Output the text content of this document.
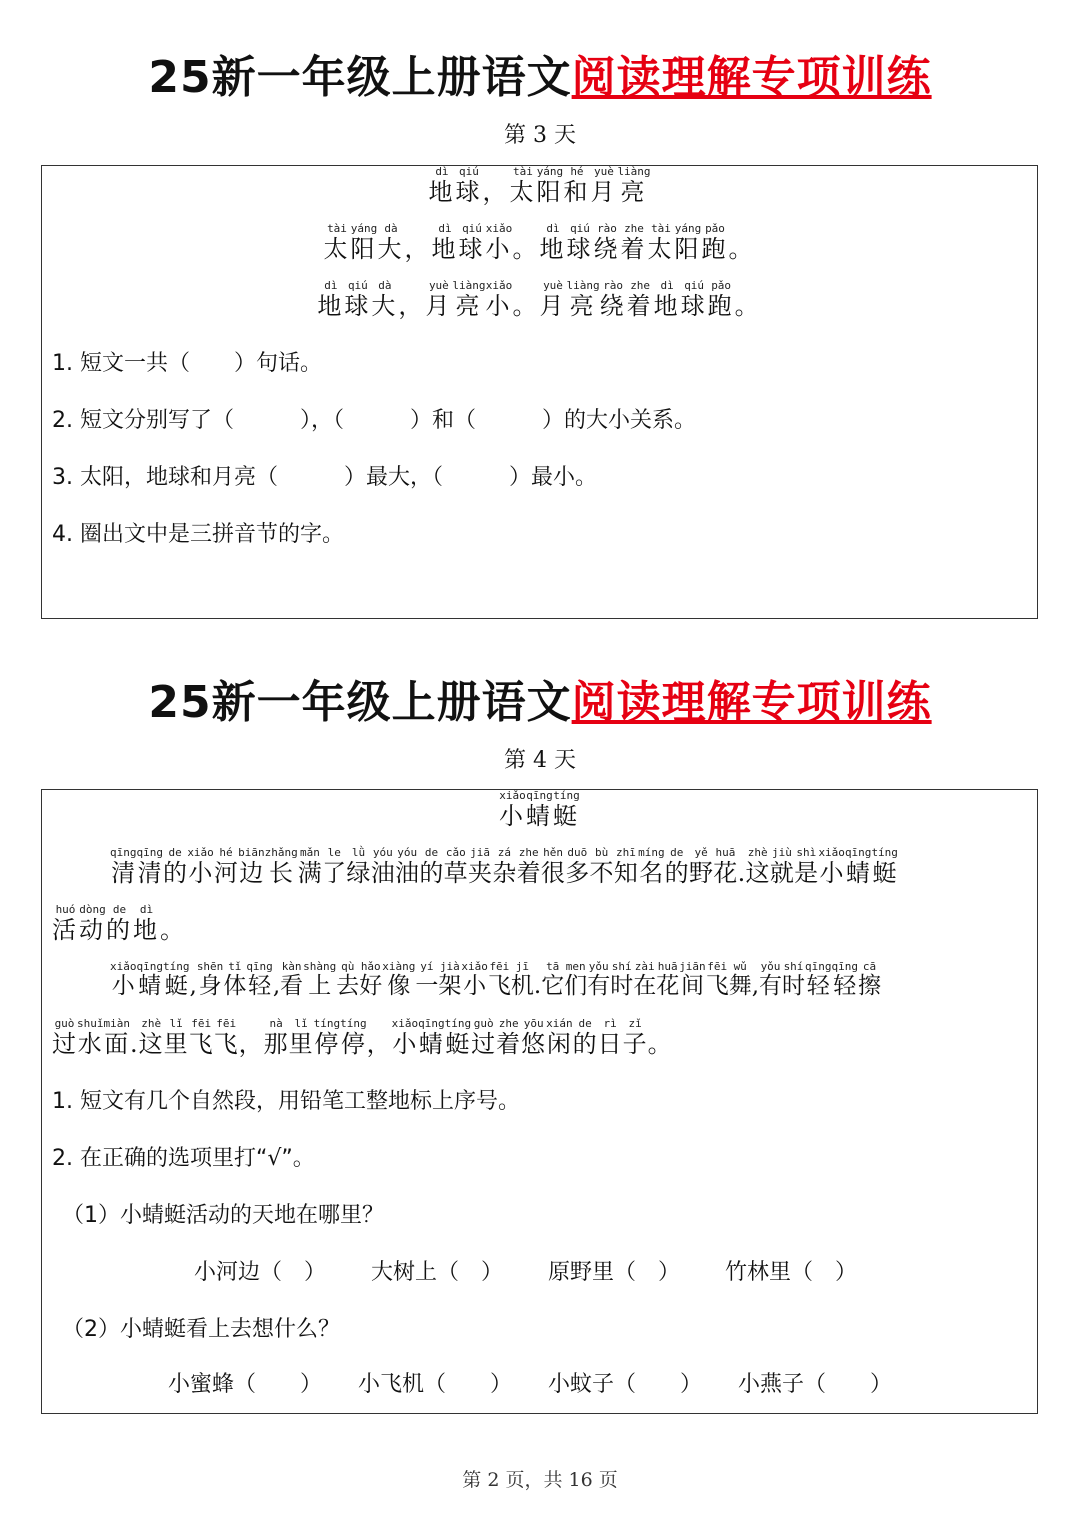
25新一年级上册语文阅读理解专项训练
第 3 天
地dì球qiú， 太tài阳yáng和hé月yuè亮liàng
太tài阳yáng大dà， 地dì球qiú小xiǎo。 地dì球qiú绕rào着zhe太tài阳yáng跑pǎo。
地dì球qiú大dà， 月yuè亮liàng小xiǎo。 月yuè亮liàng绕rào着zhe地dì球qiú跑pǎo。
1. 短文一共（　　）句话。
2. 短文分别写了（　　　），（　　　）和（　　　）的大小关系。
3. 太阳，地球和月亮（　　　）最大，（　　　）最小。
4. 圈出文中是三拼音节的字。
25新一年级上册语文阅读理解专项训练
第 4 天
小xiǎo蜻qīng蜓tíng
清qīng清qīng的de小xiǎo河hé边biān长zhǎng满mǎn了le绿lǜ油yóu油yóu的de草cǎo夹jiā杂zá着zhe很hěn多duō不bù知zhī名míng的de野yě花huā. 这zhè就jiù是shì小xiǎo蜻qīng蜓tíng
活huó动dòng的de地dì。
小xiǎo蜻qīng蜓tíng, 身shēn体tǐ轻qīng, 看kàn上shàng去qù好hǎo像xiàng一yí架jià小xiǎo飞fēi机jī. 它tā们men有yǒu时shí在zài花huā间jiān飞fēi舞wǔ, 有yǒu时shí轻qīng轻qīng擦cā
过guò水shuǐ面miàn. 这zhè里lǐ飞fēi飞fēi， 那nà里lǐ停tíng停tíng， 小xiǎo蜻qīng蜓tíng过guò着zhe悠yōu闲xián的de日rì子zǐ。
1. 短文有几个自然段，用铅笔工整地标上序号。
2. 在正确的选项里打“√”。
（1）小蜻蜓活动的天地在哪里？
小河边（　） 大树上（　） 原野里（　） 竹林里（　）
（2）小蜻蜓看上去想什么？
小蜜蜂（　　） 小飞机（　　） 小蚊子（　　） 小燕子（　　）
第 2 页，共 16 页
